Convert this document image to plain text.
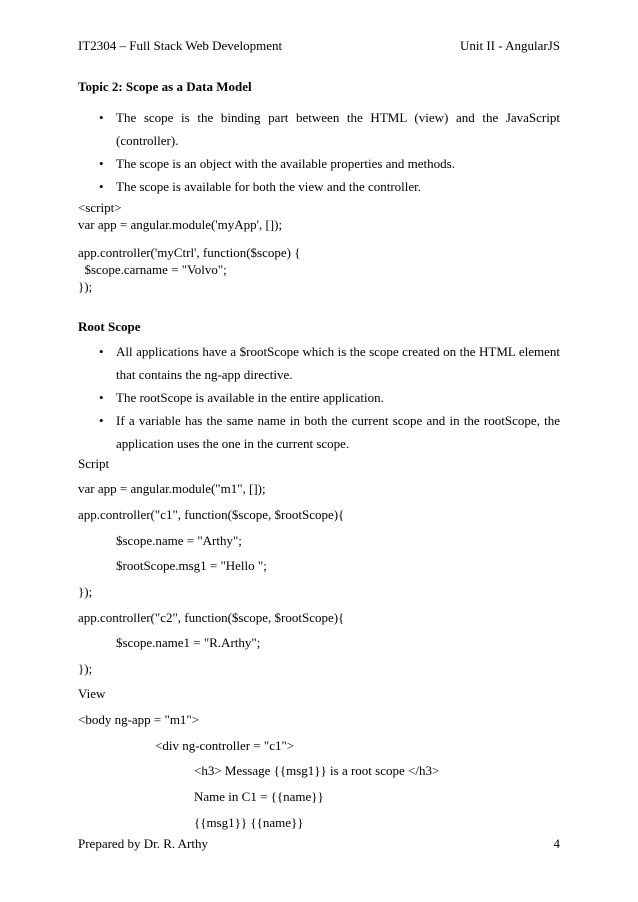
IT2304 – Full Stack Web Development	Unit II - AngularJS
Topic 2: Scope as a Data Model
• The scope is the binding part between the HTML (view) and the JavaScript (controller).
• The scope is an object with the available properties and methods.
• The scope is available for both the view and the controller.
<script>
var app = angular.module('myApp', []);
app.controller('myCtrl', function($scope) {
$scope.carname = "Volvo";
});
Root Scope
• All applications have a $rootScope which is the scope created on the HTML element that contains the ng-app directive.
• The rootScope is available in the entire application.
• If a variable has the same name in both the current scope and in the rootScope, the application uses the one in the current scope.
Script
var app = angular.module("m1", []);
app.controller("c1", function($scope, $rootScope){
$scope.name = "Arthy";
$rootScope.msg1 = "Hello ";
});
app.controller("c2", function($scope, $rootScope){
$scope.name1 = "R.Arthy";
});
View
<body ng-app = "m1">
<div ng-controller = "c1">
<h3> Message {{msg1}} is a root scope </h3>
Name in C1 = {{name}}
{{msg1}} {{name}}
Prepared by Dr. R. Arthy	4
